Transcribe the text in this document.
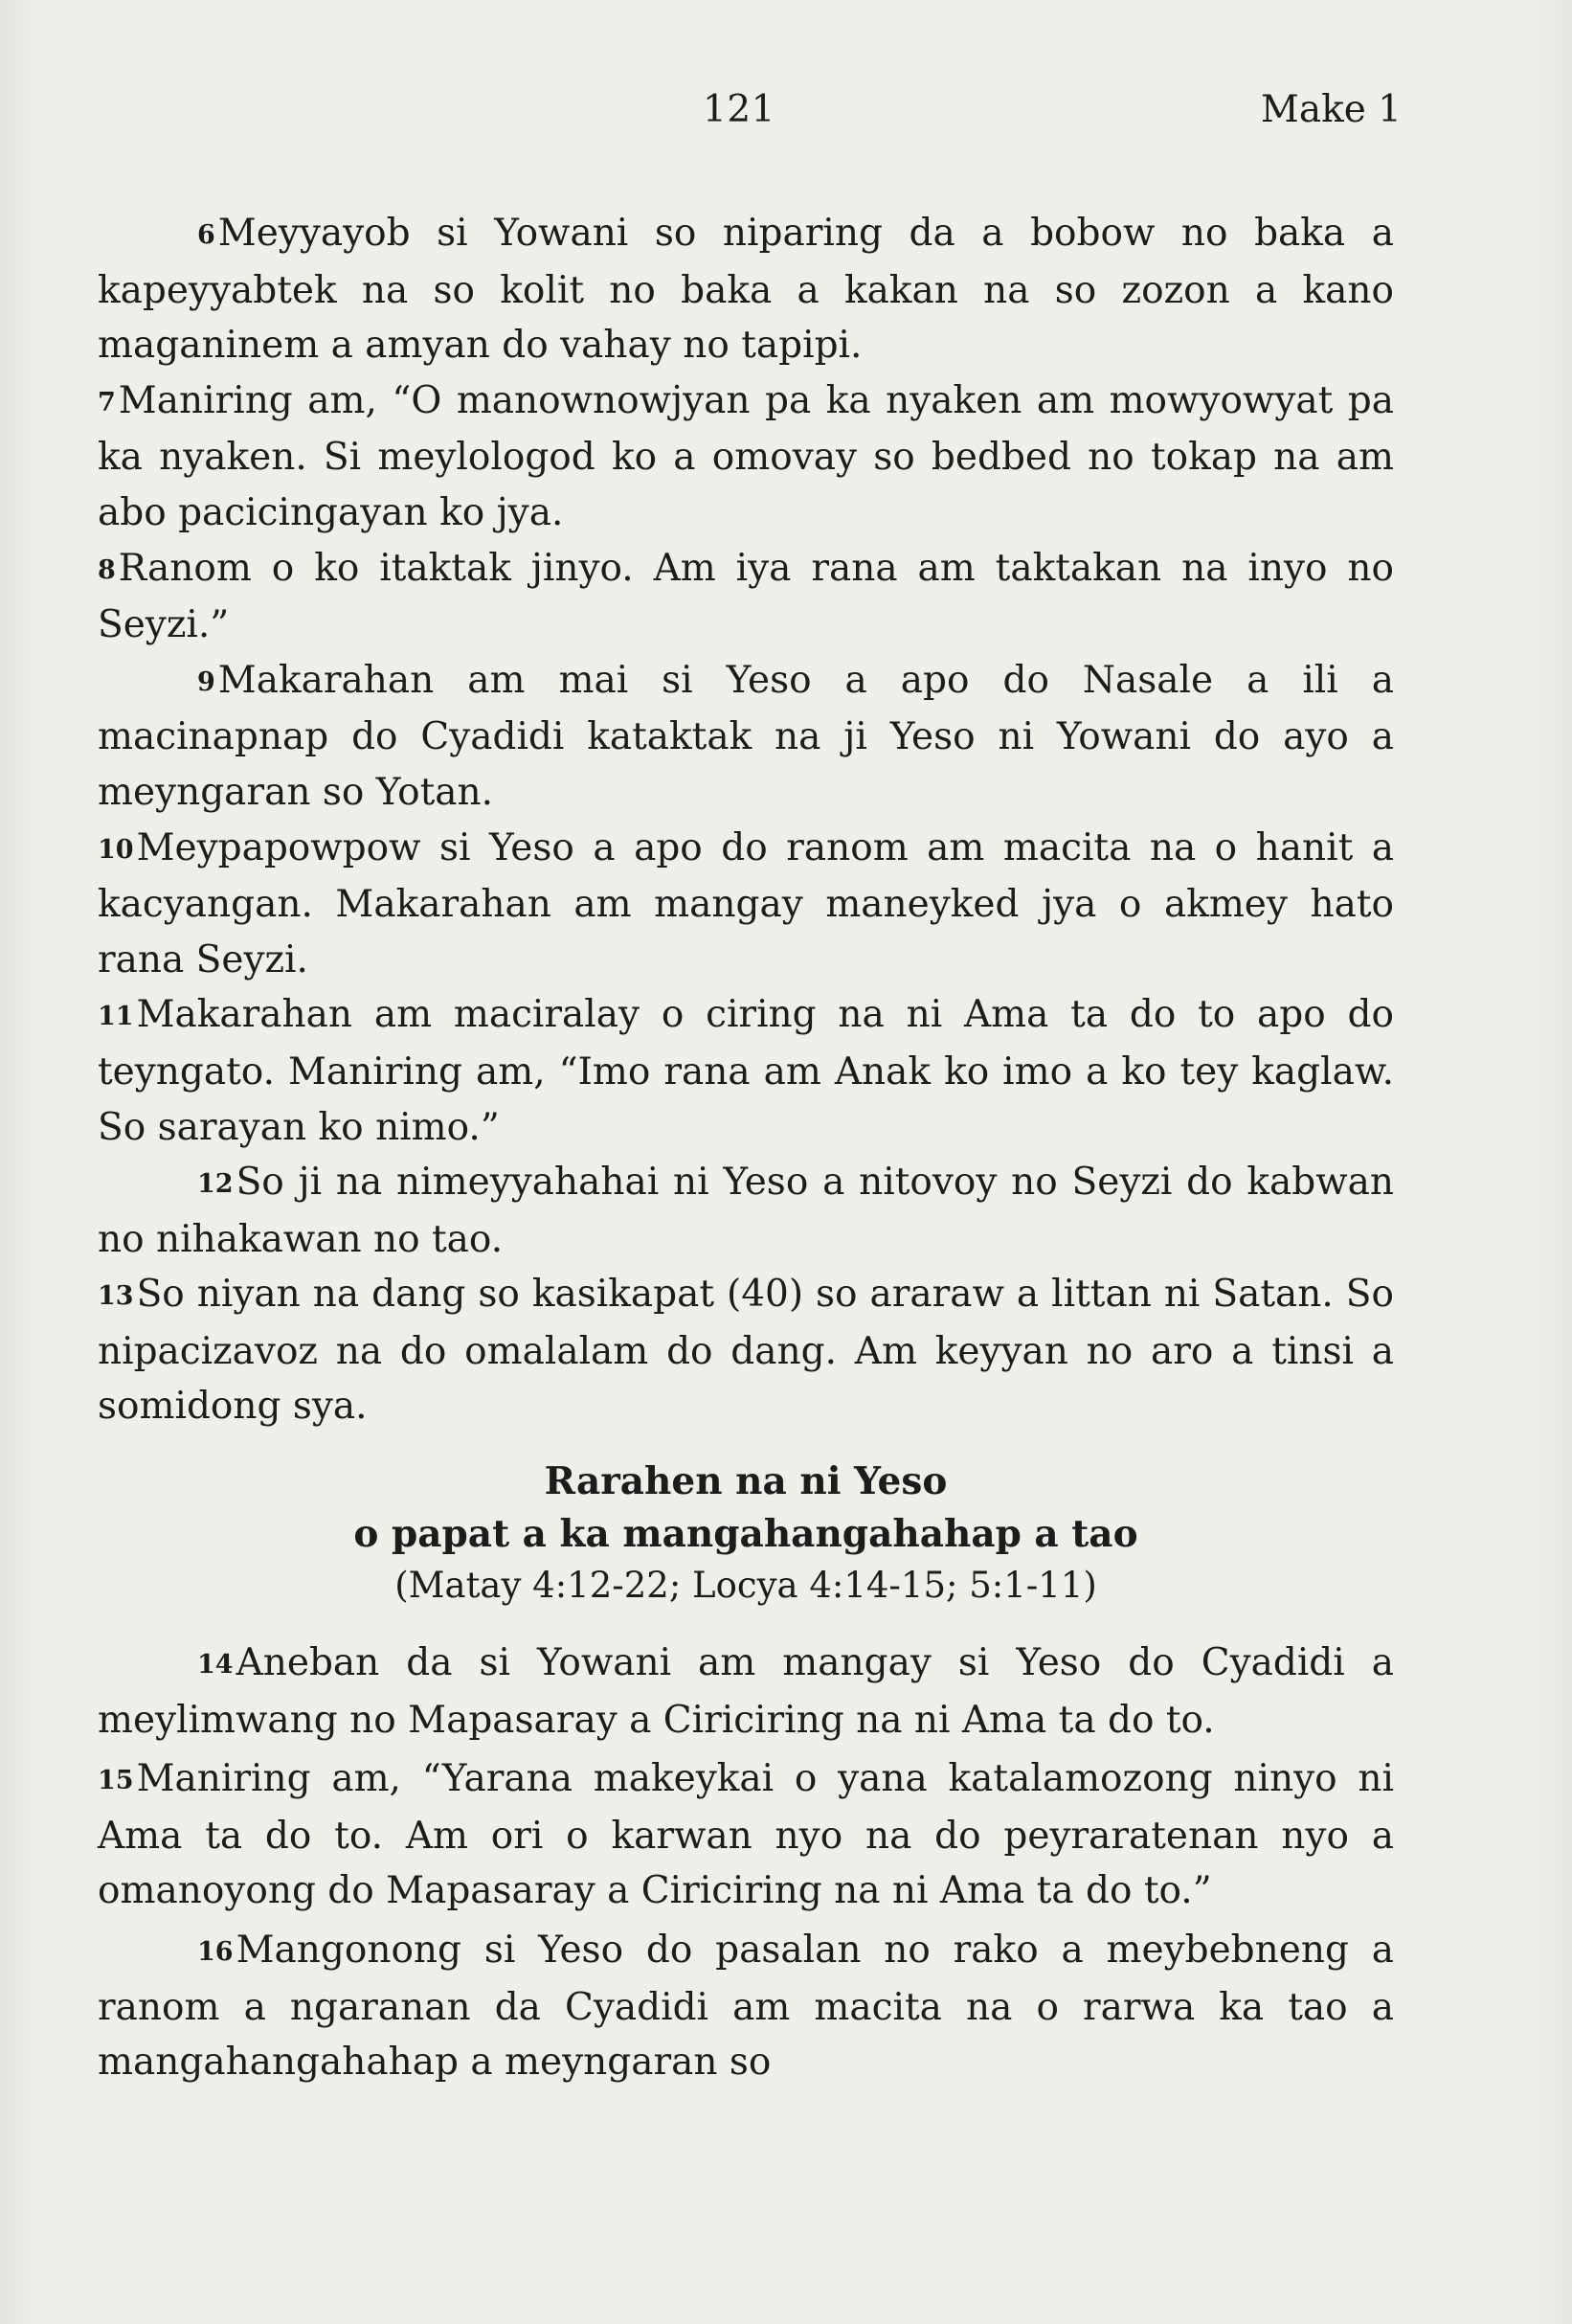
121	Make 1

6Meyyayob si Yowani so niparing da a bobow no baka a kapeyyabtek na so kolit no baka a kakan na so zozon a kano maganinem a amyan do vahay no tapipi.

7Maniring am, “O manownowjyan pa ka nyaken am mowyowyat pa ka nyaken. Si meylologod ko a omovay so bedbed no tokap na am abo pacicingayan ko jya.

8Ranom o ko itaktak jinyo. Am iya rana am taktakan na inyo no Seyzi.”

9Makarahan am mai si Yeso a apo do Nasale a ili a macinapnap do Cyadidi kataktak na ji Yeso ni Yowani do ayo a meyngaran so Yotan.

10Meypapowpow si Yeso a apo do ranom am macita na o hanit a kacyangan. Makarahan am mangay maneyked jya o akmey hato rana Seyzi.

11Makarahan am maciralay o ciring na ni Ama ta do to apo do teyngato. Maniring am, “Imo rana am Anak ko imo a ko tey kaglaw. So sarayan ko nimo.”

12So ji na nimeyyahahai ni Yeso a nitovoy no Seyzi do kabwan no nihakawan no tao.

13So niyan na dang so kasikapat (40) so araraw a littan ni Satan. So nipacizavoz na do omalalam do dang. Am keyyan no aro a tinsi a somidong sya.

Rarahen na ni Yeso
o papat a ka mangahangahahap a tao
(Matay 4:12-22; Locya 4:14-15; 5:1-11)

14Aneban da si Yowani am mangay si Yeso do Cyadidi a meylimwang no Mapasaray a Ciriciring na ni Ama ta do to.

15Maniring am, “Yarana makeykai o yana katalamozong ninyo ni Ama ta do to. Am ori o karwan nyo na do peyraratenan nyo a omanoyong do Mapasaray a Ciriciring na ni Ama ta do to.”

16Mangonong si Yeso do pasalan no rako a meybebneng a ranom a ngaranan da Cyadidi am macita na o rarwa ka tao a mangahangahahap a meyngaran so
